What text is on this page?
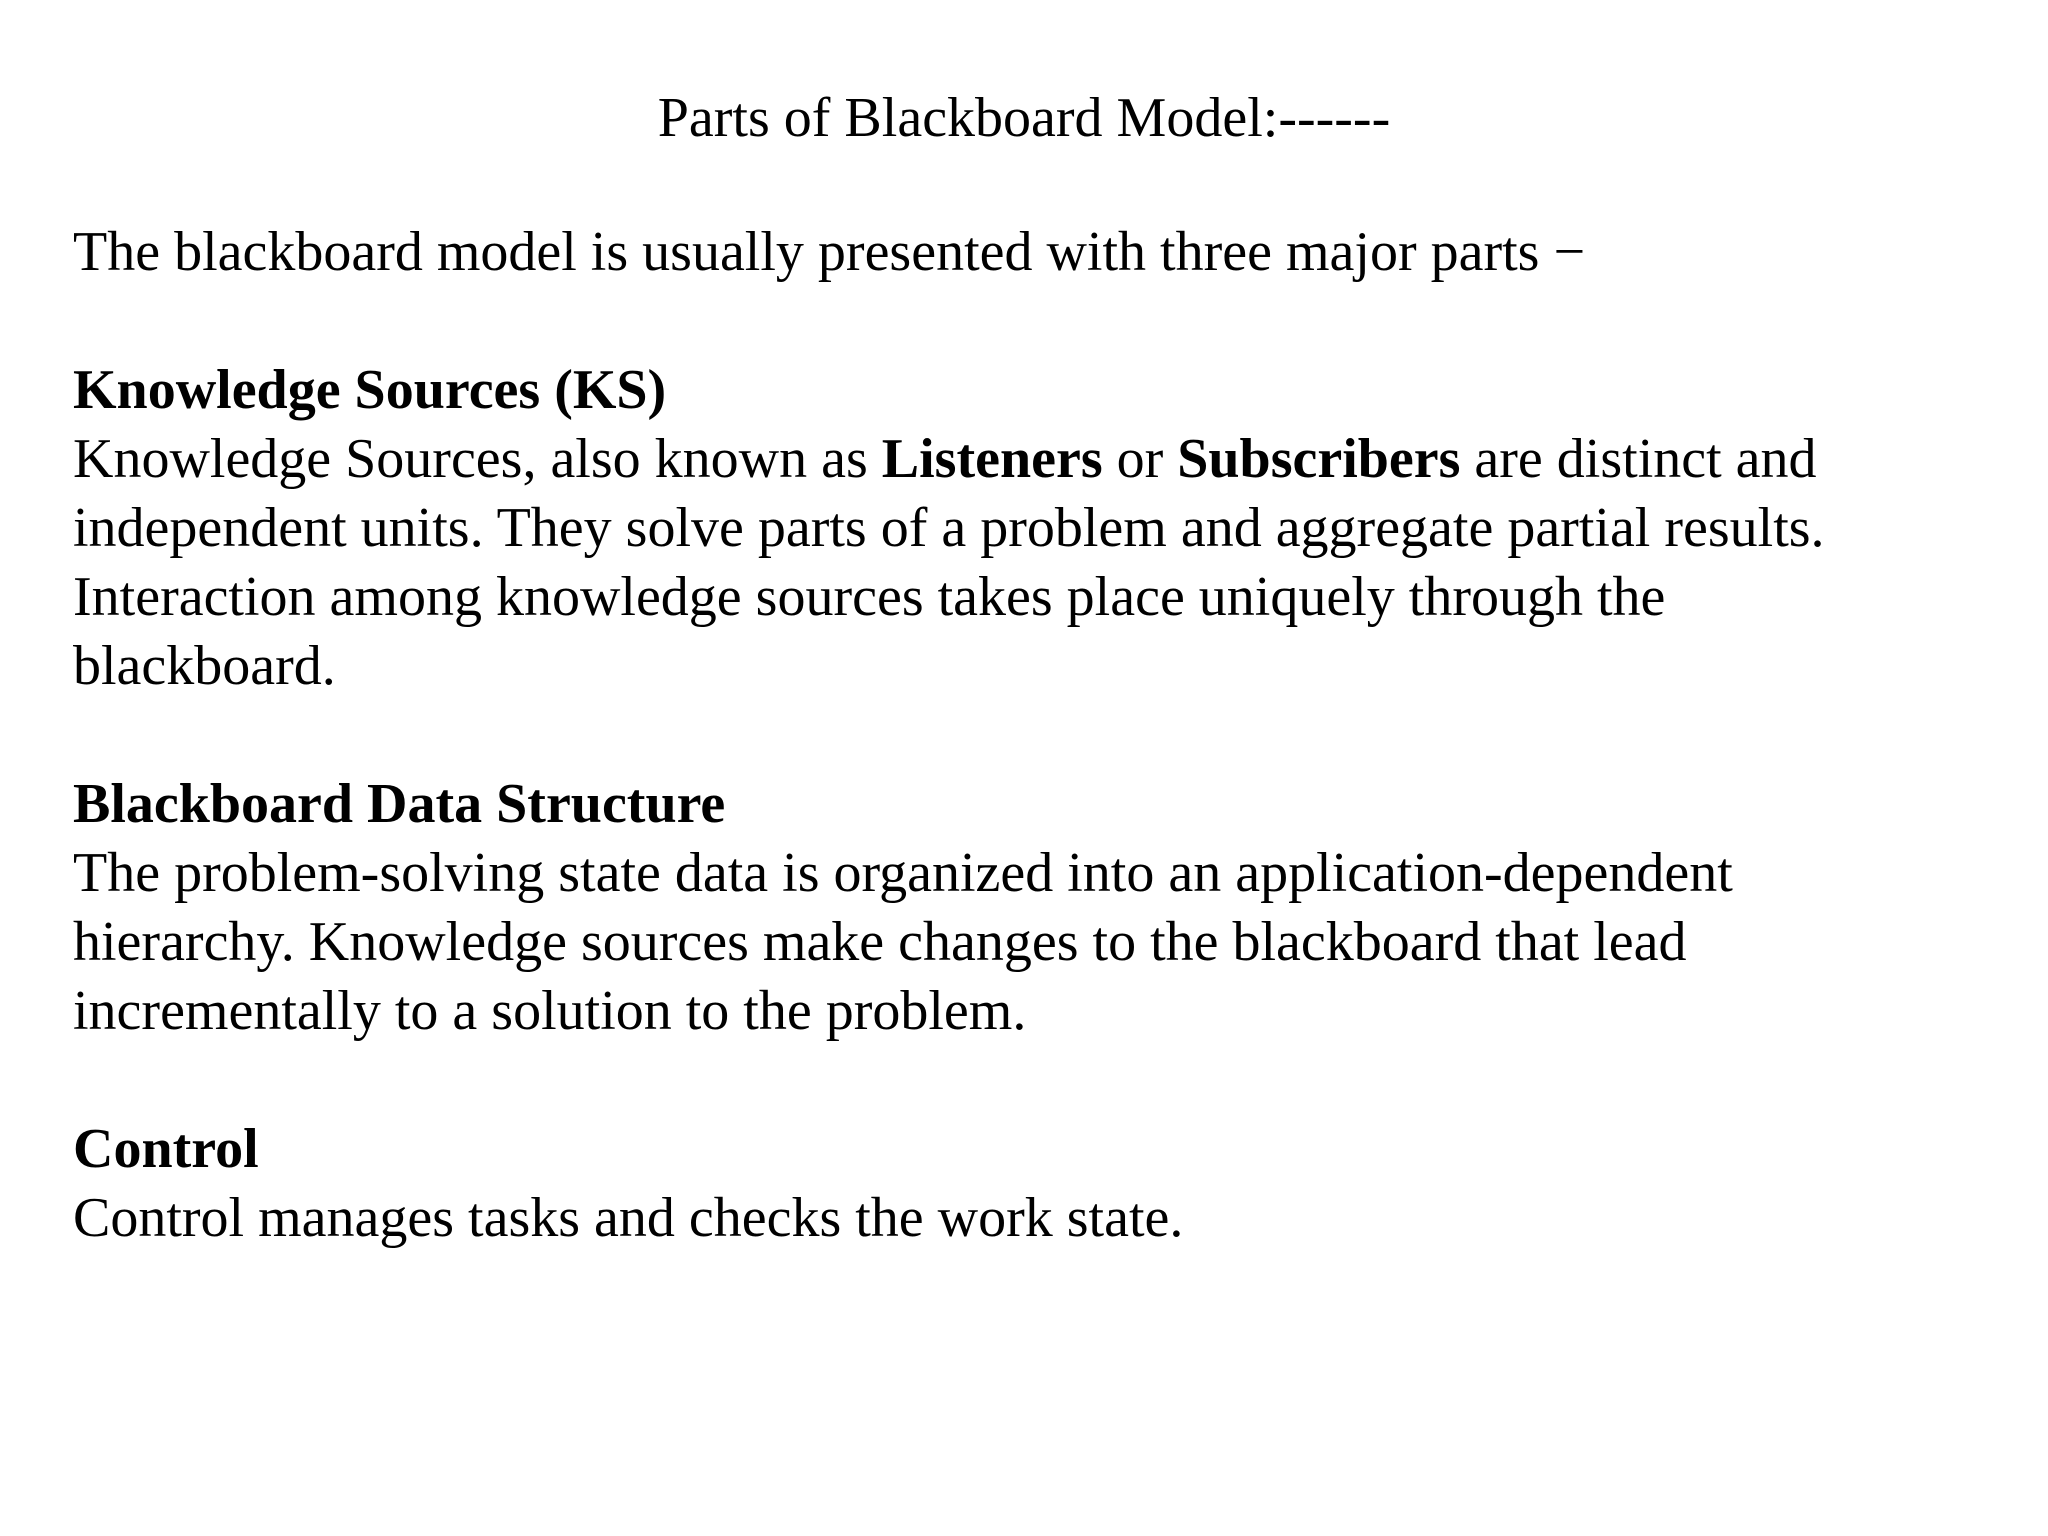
Parts of Blackboard Model:------

The blackboard model is usually presented with three major parts −

Knowledge Sources (KS)

Knowledge Sources, also known as Listeners or Subscribers are distinct and
independent units. They solve parts of a problem and aggregate partial results.
Interaction among knowledge sources takes place uniquely through the
blackboard.

Blackboard Data Structure

The problem-solving state data is organized into an application-dependent
hierarchy. Knowledge sources make changes to the blackboard that lead
incrementally to a solution to the problem.

Control

Control manages tasks and checks the work state.
